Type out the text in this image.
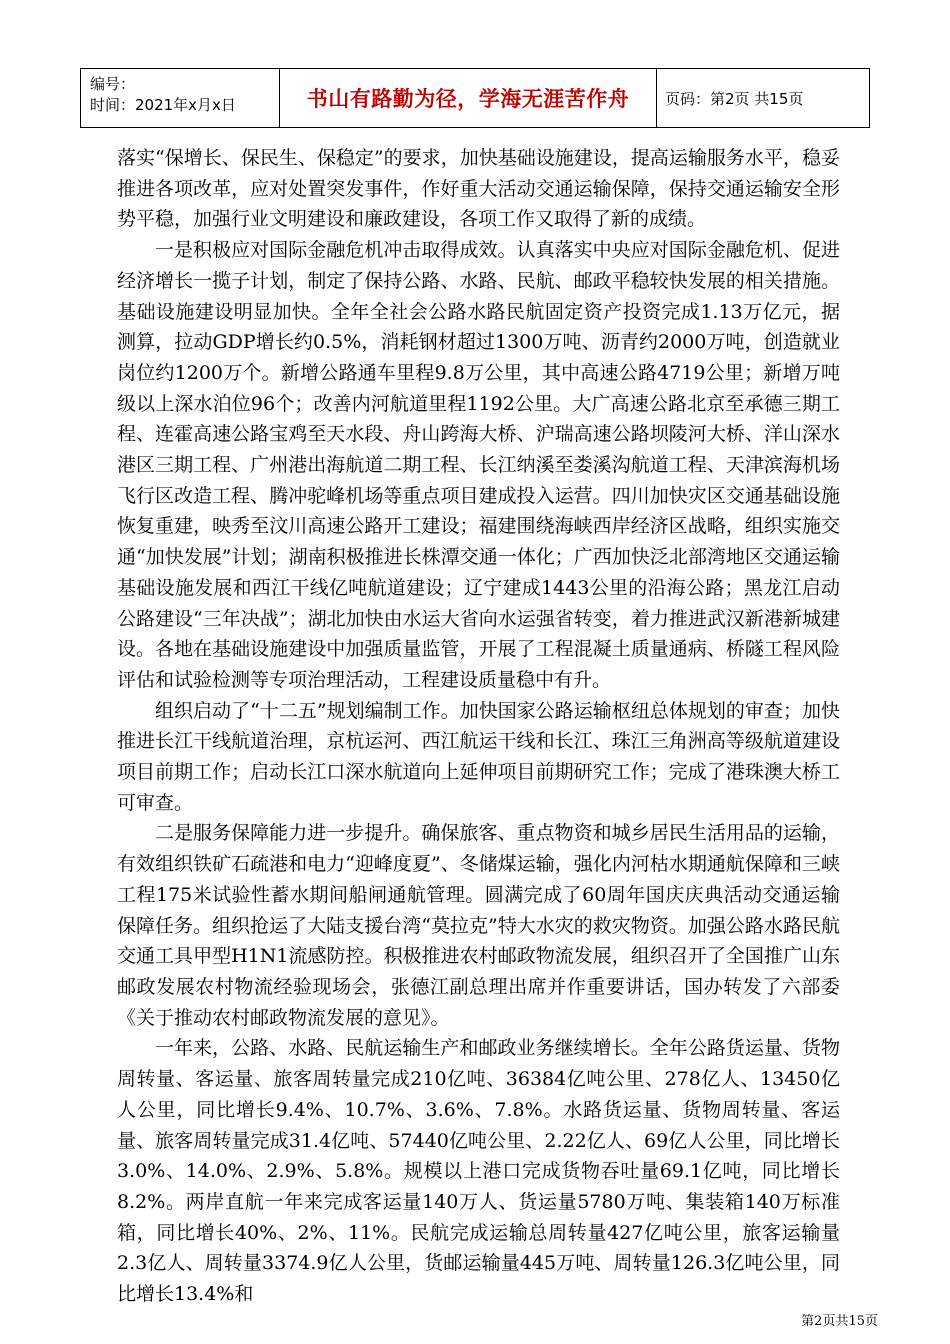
编号：
时间：2021年x月x日	书山有路勤为径，学海无涯苦作舟	页码：第2页 共15页

落实“保增长、保民生、保稳定”的要求，加快基础设施建设，提高运输服务水平，稳妥推进各项改革，应对处置突发事件，作好重大活动交通运输保障，保持交通运输安全形势平稳，加强行业文明建设和廉政建设，各项工作又取得了新的成绩。

一是积极应对国际金融危机冲击取得成效。认真落实中央应对国际金融危机、促进经济增长一揽子计划，制定了保持公路、水路、民航、邮政平稳较快发展的相关措施。基础设施建设明显加快。全年全社会公路水路民航固定资产投资完成1.13万亿元，据测算，拉动GDP增长约0.5%，消耗钢材超过1300万吨、沥青约2000万吨，创造就业岗位约1200万个。新增公路通车里程9.8万公里，其中高速公路4719公里；新增万吨级以上深水泊位96个；改善内河航道里程1192公里。大广高速公路北京至承德三期工程、连霍高速公路宝鸡至天水段、舟山跨海大桥、沪瑞高速公路坝陵河大桥、洋山深水港区三期工程、广州港出海航道二期工程、长江纳溪至娄溪沟航道工程、天津滨海机场飞行区改造工程、腾冲驼峰机场等重点项目建成投入运营。四川加快灾区交通基础设施恢复重建，映秀至汶川高速公路开工建设；福建围绕海峡西岸经济区战略，组织实施交通“加快发展”计划；湖南积极推进长株潭交通一体化；广西加快泛北部湾地区交通运输基础设施发展和西江干线亿吨航道建设；辽宁建成1443公里的沿海公路；黑龙江启动公路建设“三年决战”；湖北加快由水运大省向水运强省转变，着力推进武汉新港新城建设。各地在基础设施建设中加强质量监管，开展了工程混凝土质量通病、桥隧工程风险评估和试验检测等专项治理活动，工程建设质量稳中有升。

组织启动了“十二五”规划编制工作。加快国家公路运输枢纽总体规划的审查；加快推进长江干线航道治理，京杭运河、西江航运干线和长江、珠江三角洲高等级航道建设项目前期工作；启动长江口深水航道向上延伸项目前期研究工作；完成了港珠澳大桥工可审查。

二是服务保障能力进一步提升。确保旅客、重点物资和城乡居民生活用品的运输，有效组织铁矿石疏港和电力“迎峰度夏”、冬储煤运输，强化内河枯水期通航保障和三峡工程175米试验性蓄水期间船闸通航管理。圆满完成了60周年国庆庆典活动交通运输保障任务。组织抢运了大陆支援台湾“莫拉克”特大水灾的救灾物资。加强公路水路民航交通工具甲型H1N1流感防控。积极推进农村邮政物流发展，组织召开了全国推广山东邮政发展农村物流经验现场会，张德江副总理出席并作重要讲话，国办转发了六部委《关于推动农村邮政物流发展的意见》。

一年来，公路、水路、民航运输生产和邮政业务继续增长。全年公路货运量、货物周转量、客运量、旅客周转量完成210亿吨、36384亿吨公里、278亿人、13450亿人公里，同比增长9.4%、10.7%、3.6%、7.8%。水路货运量、货物周转量、客运量、旅客周转量完成31.4亿吨、57440亿吨公里、2.22亿人、69亿人公里，同比增长3.0%、14.0%、2.9%、5.8%。规模以上港口完成货物吞吐量69.1亿吨，同比增长8.2%。两岸直航一年来完成客运量140万人、货运量5780万吨、集装箱140万标准箱，同比增长40%、2%、11%。民航完成运输总周转量427亿吨公里，旅客运输量2.3亿人、周转量3374.9亿人公里，货邮运输量445万吨、周转量126.3亿吨公里，同比增长13.4%和

第2页共15页
